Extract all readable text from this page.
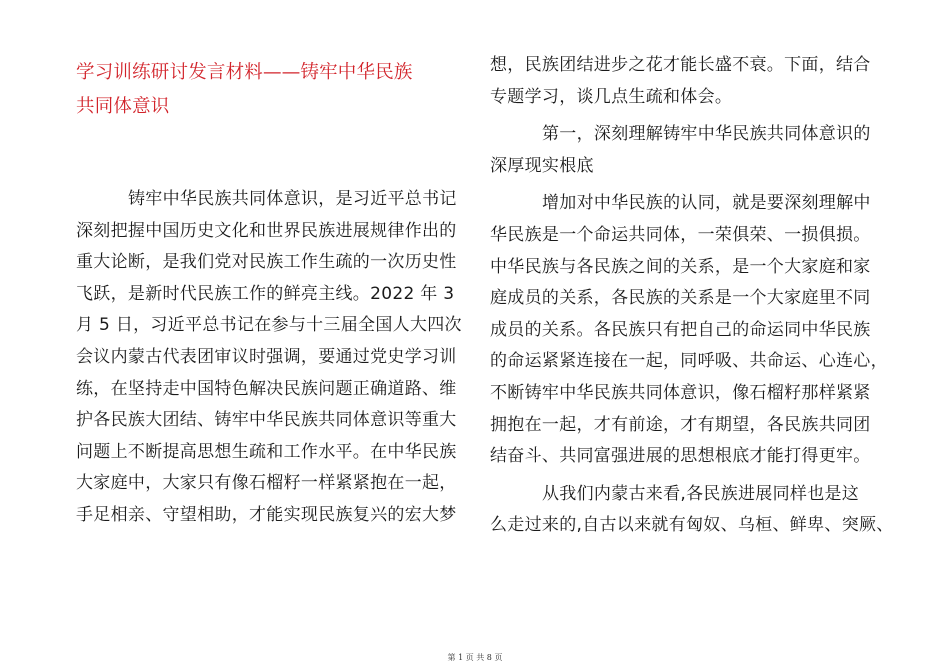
学习训练研讨发言材料——铸牢中华民族
共同体意识
铸牢中华民族共同体意识，是习近平总书记
深刻把握中国历史文化和世界民族进展规律作出的
重大论断，是我们党对民族工作生疏的一次历史性
飞跃，是新时代民族工作的鲜亮主线。2022 年 3
月 5 日，习近平总书记在参与十三届全国人大四次
会议内蒙古代表团审议时强调，要通过党史学习训
练，在坚持走中国特色解决民族问题正确道路、维
护各民族大团结、铸牢中华民族共同体意识等重大
问题上不断提高思想生疏和工作水平。在中华民族
大家庭中，大家只有像石榴籽一样紧紧抱在一起，
手足相亲、守望相助，才能实现民族复兴的宏大梦
想，民族团结进步之花才能长盛不衰。下面，结合
专题学习，谈几点生疏和体会。
第一，深刻理解铸牢中华民族共同体意识的
深厚现实根底
增加对中华民族的认同，就是要深刻理解中
华民族是一个命运共同体，一荣俱荣、一损俱损。
中华民族与各民族之间的关系，是一个大家庭和家
庭成员的关系，各民族的关系是一个大家庭里不同
成员的关系。各民族只有把自己的命运同中华民族
的命运紧紧连接在一起，同呼吸、共命运、心连心，
不断铸牢中华民族共同体意识，像石榴籽那样紧紧
拥抱在一起，才有前途，才有期望，各民族共同团
结奋斗、共同富强进展的思想根底才能打得更牢。
从我们内蒙古来看,各民族进展同样也是这
么走过来的,自古以来就有匈奴、乌桓、鲜卑、突厥、
第 1 页 共 8 页
